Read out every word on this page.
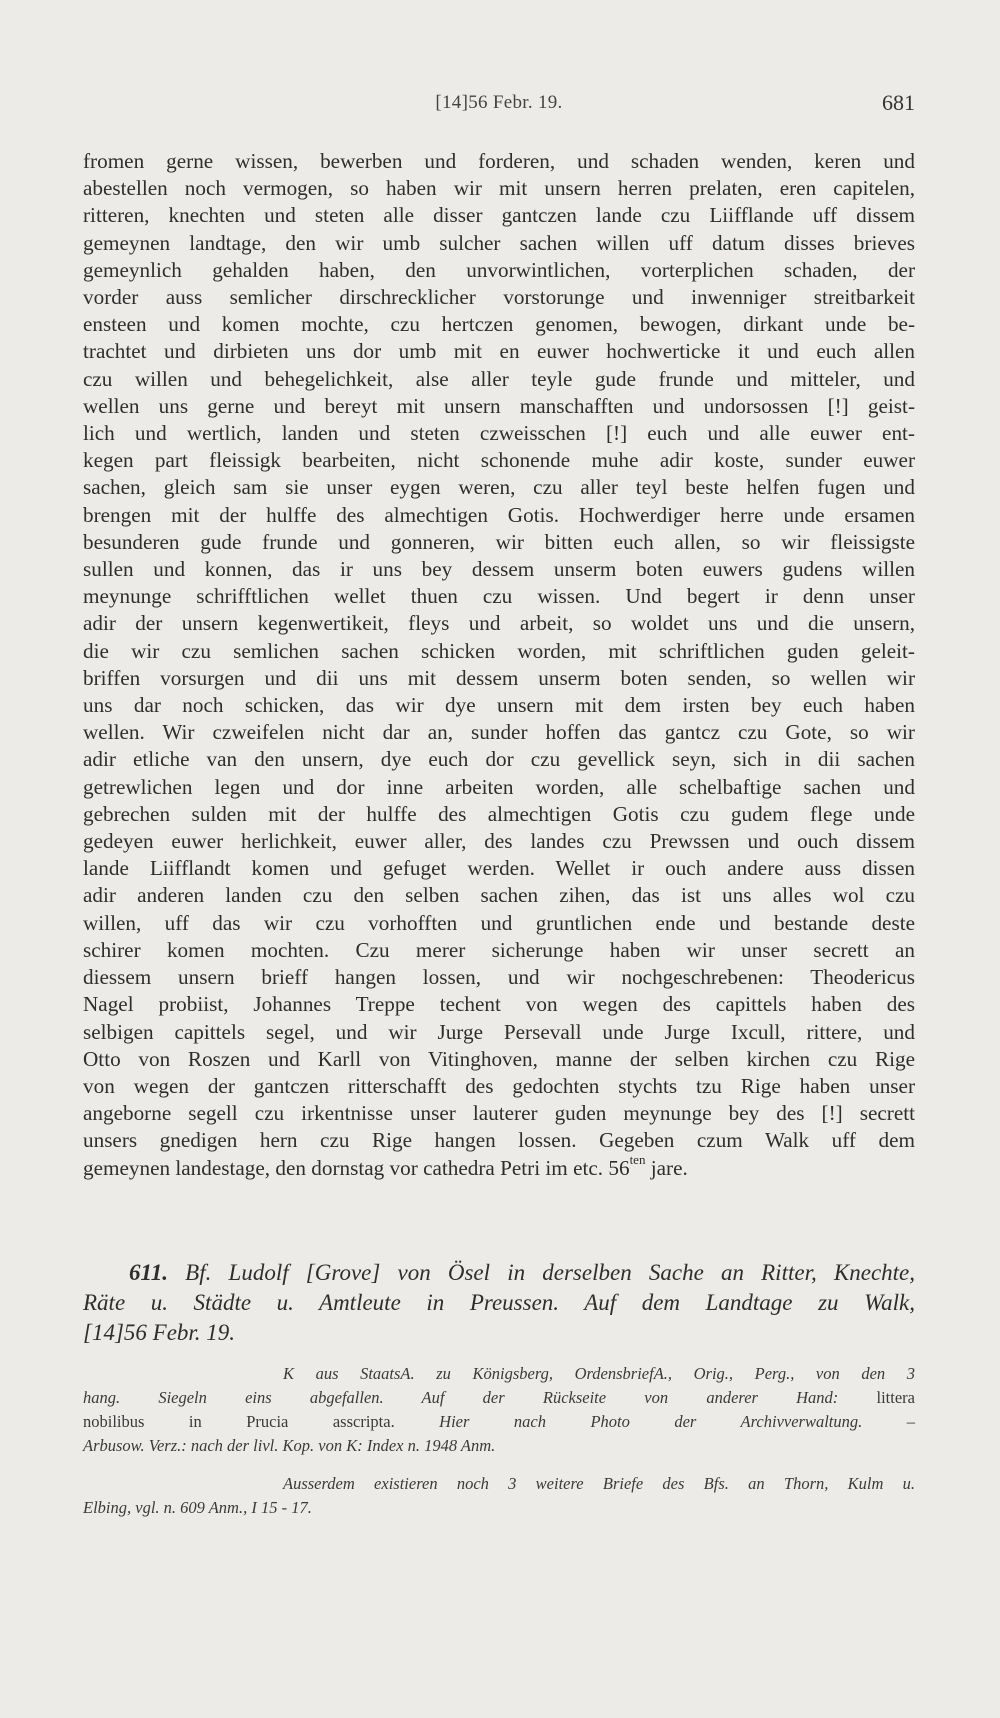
[14]56 Febr. 19.	681

fromen gerne wissen, bewerben und forderen, und schaden wenden, keren und
abestellen noch vermogen, so haben wir mit unsern herren prelaten, eren capitelen,
ritteren, knechten und steten alle disser gantczen lande czu Liifflande uff dissem
gemeynen landtage, den wir umb sulcher sachen willen uff datum disses brieves
gemeynlich gehalden haben, den unvorwintlichen, vorterplichen schaden, der
vorder auss semlicher dirschrecklicher vorstorunge und inwenniger streitbarkeit
ensteen und komen mochte, czu hertczen genomen, bewogen, dirkant unde be-
trachtet und dirbieten uns dor umb mit en euwer hochwerticke it und euch allen
czu willen und behegelichkeit, alse aller teyle gude frunde und mitteler, und
wellen uns gerne und bereyt mit unsern manschafften und undorsossen [!] geist-
lich und wertlich, landen und steten czweisschen [!] euch und alle euwer ent-
kegen part fleissigk bearbeiten, nicht schonende muhe adir koste, sunder euwer
sachen, gleich sam sie unser eygen weren, czu aller teyl beste helfen fugen und
brengen mit der hulffe des almechtigen Gotis. Hochwerdiger herre unde ersamen
besunderen gude frunde und gonneren, wir bitten euch allen, so wir fleissigste
sullen und konnen, das ir uns bey dessem unserm boten euwers gudens willen
meynunge schrifftlichen wellet thuen czu wissen. Und begert ir denn unser
adir der unsern kegenwertikeit, fleys und arbeit, so woldet uns und die unsern,
die wir czu semlichen sachen schicken worden, mit schriftlichen guden geleit-
briffen vorsurgen und dii uns mit dessem unserm boten senden, so wellen wir
uns dar noch schicken, das wir dye unsern mit dem irsten bey euch haben
wellen. Wir czweifelen nicht dar an, sunder hoffen das gantcz czu Gote, so wir
adir etliche van den unsern, dye euch dor czu gevellick seyn, sich in dii sachen
getrewlichen legen und dor inne arbeiten worden, alle schelbaftige sachen und
gebrechen sulden mit der hulffe des almechtigen Gotis czu gudem flege unde
gedeyen euwer herlichkeit, euwer aller, des landes czu Prewssen und ouch dissem
lande Liifflandt komen und gefuget werden. Wellet ir ouch andere auss dissen
adir anderen landen czu den selben sachen zihen, das ist uns alles wol czu
willen, uff das wir czu vorhofften und gruntlichen ende und bestande deste
schirer komen mochten. Czu merer sicherunge haben wir unser secrett an
diessem unsern brieff hangen lossen, und wir nochgeschrebenen: Theodericus
Nagel probiist, Johannes Treppe techent von wegen des capittels haben des
selbigen capittels segel, und wir Jurge Persevall unde Jurge Ixcull, rittere, und
Otto von Roszen und Karll von Vitinghoven, manne der selben kirchen czu Rige
von wegen der gantczen ritterschafft des gedochten stychts tzu Rige haben unser
angeborne segell czu irkentnisse unser lauterer guden meynunge bey des [!] secrett
unsers gnedigen hern czu Rige hangen lossen. Gegeben czum Walk uff dem

gemeynen landestage, den dornstag vor cathedra Petri im etc. $56^{ten}$ jare.
611. Bf. Ludolf [Grove] von Ösel in derselben Sache an Ritter, Knechte,
Räte u. Städte u. Amtleute in Preussen. Auf dem Landtage zu Walk,
[14]56 Febr. 19.
K aus StaatsA. zu Königsberg, OrdensbriefA., Orig., Perg., von den 3
hang. Siegeln eins abgefallen. Auf der Rückseite von anderer Hand: littera
nobilibus in Prucia asscripta. Hier nach Photo der Archivverwaltung. –
Arbusow. Verz.: nach der livl. Kop. von K: Index n. 1948 Anm.
Ausserdem existieren noch 3 weitere Briefe des Bfs. an Thorn, Kulm u.
Elbing, vgl. n. 609 Anm., I 15 - 17.
